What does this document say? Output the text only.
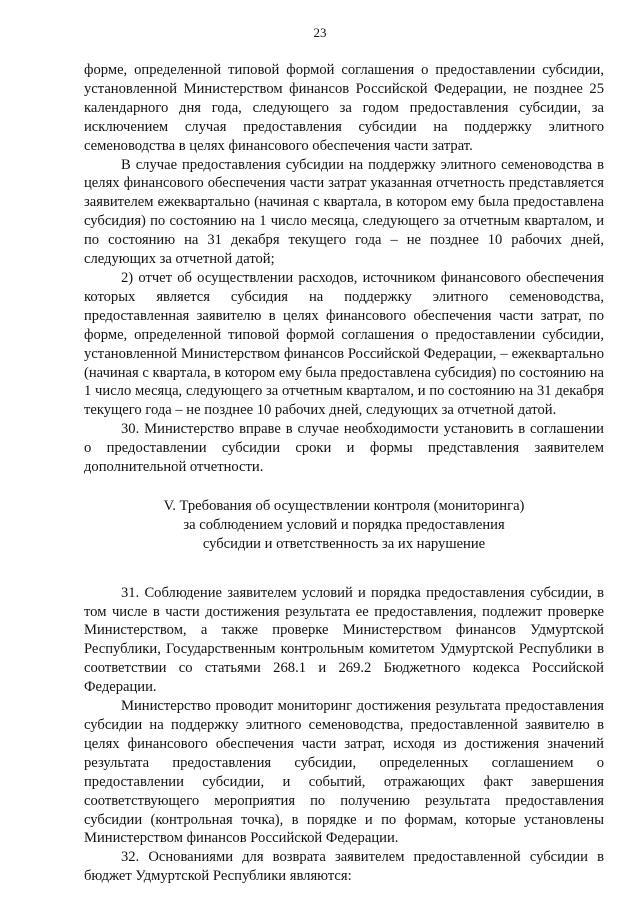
23

форме, определенной типовой формой соглашения о предоставлении субсидии, установленной Министерством финансов Российской Федерации, не позднее 25 календарного дня года, следующего за годом предоставления субсидии, за исключением случая предоставления субсидии на поддержку элитного семеноводства в целях финансового обеспечения части затрат.

В случае предоставления субсидии на поддержку элитного семеноводства в целях финансового обеспечения части затрат указанная отчетность представляется заявителем ежеквартально (начиная с квартала, в котором ему была предоставлена субсидия) по состоянию на 1 число месяца, следующего за отчетным кварталом, и по состоянию на 31 декабря текущего года – не позднее 10 рабочих дней, следующих за отчетной датой;

2) отчет об осуществлении расходов, источником финансового обеспечения которых является субсидия на поддержку элитного семеноводства, предоставленная заявителю в целях финансового обеспечения части затрат, по форме, определенной типовой формой соглашения о предоставлении субсидии, установленной Министерством финансов Российской Федерации, – ежеквартально (начиная с квартала, в котором ему была предоставлена субсидия) по состоянию на 1 число месяца, следующего за отчетным кварталом, и по состоянию на 31 декабря текущего года – не позднее 10 рабочих дней, следующих за отчетной датой.

30. Министерство вправе в случае необходимости установить в соглашении о предоставлении субсидии сроки и формы представления заявителем дополнительной отчетности.

V. Требования об осуществлении контроля (мониторинга)
за соблюдением условий и порядка предоставления
субсидии и ответственность за их нарушение

31. Соблюдение заявителем условий и порядка предоставления субсидии, в том числе в части достижения результата ее предоставления, подлежит проверке Министерством, а также проверке Министерством финансов Удмуртской Республики, Государственным контрольным комитетом Удмуртской Республики в соответствии со статьями 268.1 и 269.2 Бюджетного кодекса Российской Федерации.

Министерство проводит мониторинг достижения результата предоставления субсидии на поддержку элитного семеноводства, предоставленной заявителю в целях финансового обеспечения части затрат, исходя из достижения значений результата предоставления субсидии, определенных соглашением о предоставлении субсидии, и событий, отражающих факт завершения соответствующего мероприятия по получению результата предоставления субсидии (контрольная точка), в порядке и по формам, которые установлены Министерством финансов Российской Федерации.

32. Основаниями для возврата заявителем предоставленной субсидии в бюджет Удмуртской Республики являются:
